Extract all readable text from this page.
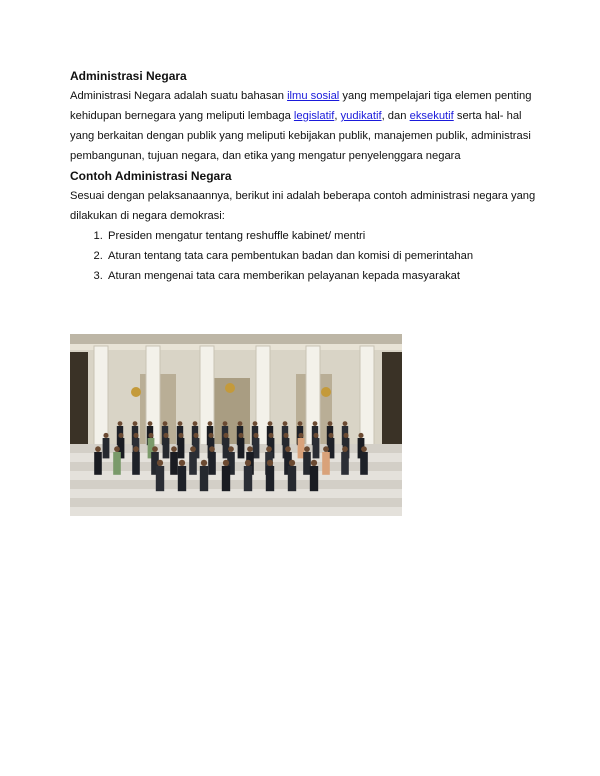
Administrasi Negara

Administrasi Negara adalah suatu bahasan ilmu sosial yang mempelajari tiga elemen penting kehidupan bernegara yang meliputi lembaga legislatif, yudikatif, dan eksekutif serta hal- hal yang berkaitan dengan publik yang meliputi kebijakan publik, manajemen publik, administrasi pembangunan, tujuan negara, dan etika yang mengatur penyelenggara negara

Contoh Administrasi Negara

Sesuai dengan pelaksanaannya, berikut ini adalah beberapa contoh administrasi negara yang dilakukan di negara demokrasi:

1. Presiden mengatur tentang reshuffle kabinet/ mentri
2. Aturan tentang tata cara pembentukan badan dan komisi di pemerintahan
3. Aturan mengenai tata cara memberikan pelayanan kepada masyarakat
